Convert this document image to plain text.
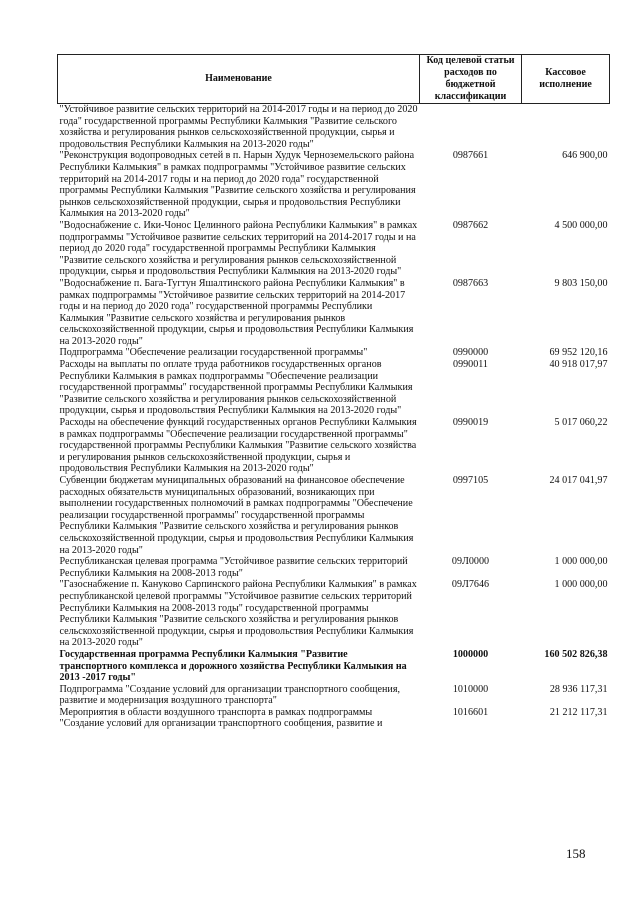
Наименование	Код целевой статьи расходов по бюджетной классификации	Кассовое исполнение
"Устойчивое развитие сельских территорий на 2014-2017 годы и на период до 2020 года" государственной программы Республики Калмыкия "Развитие сельского хозяйства и регулирования рынков сельскохозяйственной продукции, сырья и продовольствия Республики Калмыкия на 2013-2020 годы"		
"Реконструкция водопроводных сетей в п. Нарын Худук Черноземельского района Республики Калмыкия" в рамках подпрограммы "Устойчивое развитие сельских территорий на 2014-2017 годы и на период до 2020 года" государственной программы Республики Калмыкия "Развитие сельского хозяйства и регулирования рынков сельскохозяйственной продукции, сырья и продовольствия Республики Калмыкия на 2013-2020 годы"	0987661	646 900,00
"Водоснабжение с. Ики-Чонос Целинного района Республики Калмыкия" в рамках подпрограммы "Устойчивое развитие сельских территорий на 2014-2017 годы и на период до 2020 года" государственной программы Республики Калмыкия "Развитие сельского хозяйства и регулирования рынков сельскохозяйственной продукции, сырья и продовольствия Республики Калмыкия на 2013-2020 годы"	0987662	4 500 000,00
"Водоснабжение п. Бага-Тугтун Яшалтинского района Республики Калмыкия" в рамках подпрограммы "Устойчивое развитие сельских территорий на 2014-2017 годы и на период до 2020 года" государственной программы Республики Калмыкия "Развитие сельского хозяйства и регулирования рынков сельскохозяйственной продукции, сырья и продовольствия Республики Калмыкия на 2013-2020 годы"	0987663	9 803 150,00
Подпрограмма "Обеспечение реализации государственной программы"	0990000	69 952 120,16
Расходы на выплаты по оплате труда работников государственных органов Республики Калмыкия в рамках подпрограммы "Обеспечение реализации государственной программы" государственной программы Республики Калмыкия "Развитие сельского хозяйства и регулирования рынков сельскохозяйственной продукции, сырья и продовольствия Республики Калмыкия на 2013-2020 годы"	0990011	40 918 017,97
Расходы на обеспечение функций государственных органов Республики Калмыкия в рамках подпрограммы "Обеспечение реализации государственной программы" государственной программы Республики Калмыкия "Развитие сельского хозяйства и регулирования рынков сельскохозяйственной продукции, сырья и продовольствия Республики Калмыкия на 2013-2020 годы"	0990019	5 017 060,22
Субвенции бюджетам муниципальных образований на финансовое обеспечение расходных обязательств муниципальных образований, возникающих при выполнении государственных полномочий в рамках подпрограммы "Обеспечение реализации государственной программы" государственной программы Республики Калмыкия "Развитие сельского хозяйства и регулирования рынков сельскохозяйственной продукции, сырья и продовольствия Республики Калмыкия на 2013-2020 годы"	0997105	24 017 041,97
Республиканская целевая программа "Устойчивое развитие сельских территорий Республики Калмыкия на 2008-2013 годы"	09Л0000	1 000 000,00
"Газоснабжение п. Кануково Сарпинского района Республики Калмыкия" в рамках республиканской целевой программы "Устойчивое развитие сельских территорий Республики Калмыкия на 2008-2013 годы" государственной программы Республики Калмыкия "Развитие сельского хозяйства и регулирования рынков сельскохозяйственной продукции, сырья и продовольствия Республики Калмыкия на 2013-2020 годы"	09Л7646	1 000 000,00
Государственная программа Республики Калмыкия "Развитие транспортного комплекса и дорожного хозяйства Республики Калмыкия на 2013 -2017 годы"	1000000	160 502 826,38
Подпрограмма "Создание условий для организации транспортного сообщения, развитие и модернизация воздушного транспорта"	1010000	28 936 117,31
Мероприятия в области воздушного транспорта в рамках подпрограммы "Создание условий для организации транспортного сообщения, развитие и	1016601	21 212 117,31
158
